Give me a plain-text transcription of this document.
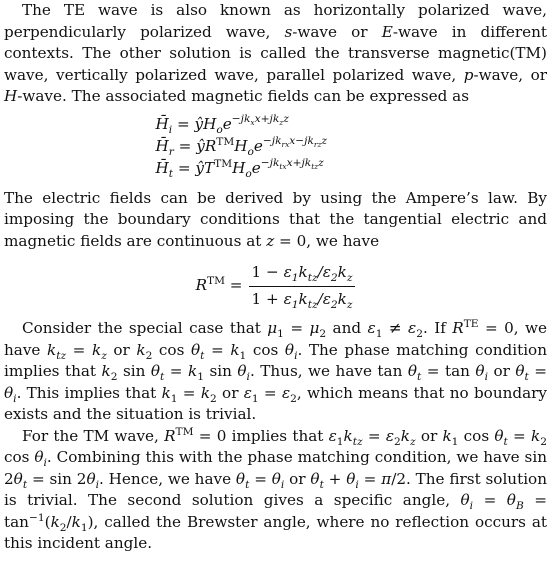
The TE wave is also known as horizontally polarized wave, perpendicularly polarized wave, s-wave or E-wave in different contexts. The other solution is called the transverse magnetic(TM) wave, vertically polarized wave, parallel polarized wave, p-wave, or H-wave. The associated magnetic fields can be expressed as

$H̄_i$ = $ŷH_oe^{-jk_xx+jk_zz}$
$H̄_r$ = $ŷR™H_oe^{-jk_{rx}x-jk_{rz}z}$
$H̄_t$ = $ŷT™H_oe^{-jk_{tx}x+jk_{tz}z}$

The electric fields can be derived by using the Ampere’s law. By imposing the boundary conditions that the tangential electric and magnetic fields are continuous at z = 0, we have

$R™ = \frac{1 - \varepsilon_1k_{tz}/\varepsilon_2k_z}{1 + \varepsilon_1k_{tz}/\varepsilon_2k_z}$

Consider the special case that $\mu_1 = \mu_2$ and $\varepsilon_1 \ne \varepsilon_2$. If $R^{TE} = 0$, we have $k_{tz} = k_z$ or $k_2$ $\cos \theta_t = k_1$ $\cos \theta_i$. The phase matching condition implies that $k_2$ $\sin \theta_t = k_1$ $\sin \theta_i$. Thus, we have $\tan \theta_t = \tan \theta_i$ or $\theta_t = \theta_i$. This implies that $k_1 = k_2$ or $\varepsilon_1 = \varepsilon_2$, which means that no boundary exists and the situation is trivial.

For the TM wave, R™ = 0 implies that $\varepsilon_1k_{tz} = \varepsilon_2k_z$ or $k_1$ $\cos \theta_t = k_2$ $\cos \theta_i$. Combining this with the phase matching condition, we have $\sin 2\theta_t = \sin 2\theta_i$. Hence, we have $\theta_t = \theta_i$ or $\theta_t + \theta_i = \pi/2$. The first solution is trivial. The second solution gives a specific angle, $\theta_i = \theta_B = \tan^{-1}(k_2/k_1)$, called the Brewster angle, where no reflection occurs at this incident angle.
